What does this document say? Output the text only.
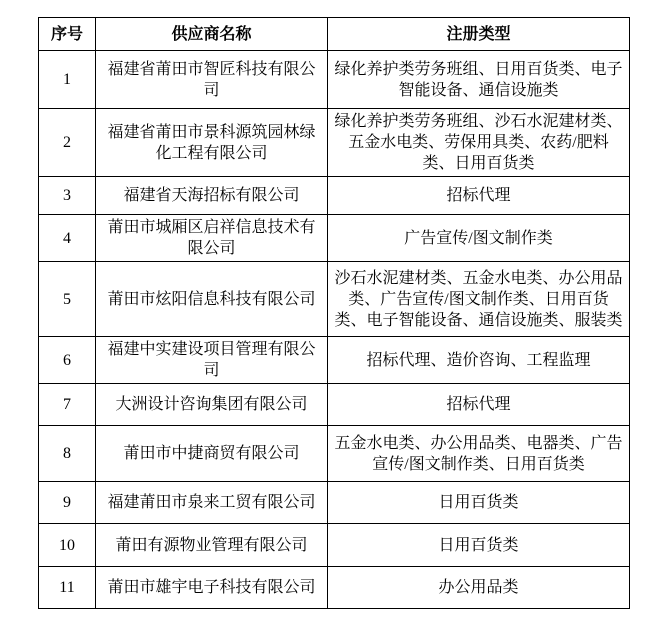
序号	供应商名称	注册类型
1	福建省莆田市智匠科技有限公司	绿化养护类劳务班组、日用百货类、电子智能设备、通信设施类
2	福建省莆田市景科源筑园林绿化工程有限公司	绿化养护类劳务班组、沙石水泥建材类、五金水电类、劳保用具类、农药/肥料类、日用百货类
3	福建省天海招标有限公司	招标代理
4	莆田市城厢区启祥信息技术有限公司	广告宣传/图文制作类
5	莆田市炫阳信息科技有限公司	沙石水泥建材类、五金水电类、办公用品类、广告宣传/图文制作类、日用百货类、电子智能设备、通信设施类、服装类
6	福建中实建设项目管理有限公司	招标代理、造价咨询、工程监理
7	大洲设计咨询集团有限公司	招标代理
8	莆田市中捷商贸有限公司	五金水电类、办公用品类、电器类、广告宣传/图文制作类、日用百货类
9	福建莆田市泉来工贸有限公司	日用百货类
10	莆田有源物业管理有限公司	日用百货类
11	莆田市雄宇电子科技有限公司	办公用品类
